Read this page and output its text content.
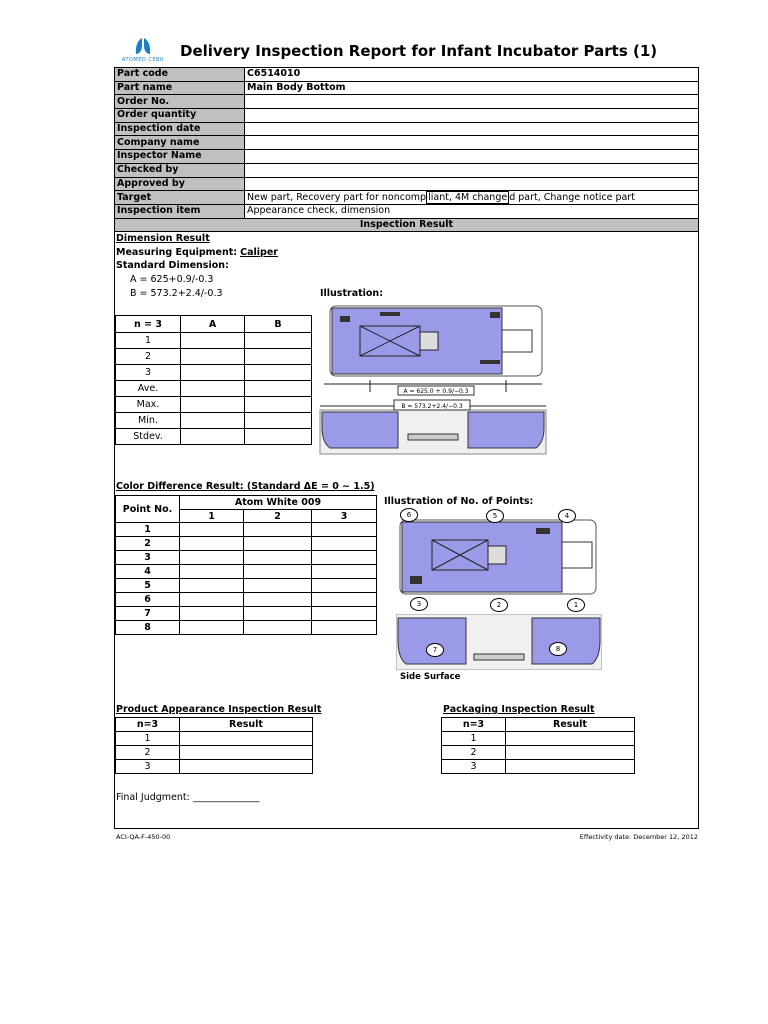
ATOMED CEBU	Delivery Inspection Report for Infant Incubator Parts (1)
Part code	C6514010
Part name	Main Body Bottom
Order No.	
Order quantity	
Inspection date	
Company name	
Inspector Name	
Checked by	
Approved by	
Target	New part, Recovery part for noncomp liant, 4M change d part, Change notice part
Inspection item	Appearance check, dimension
Inspection Result	
Dimension Result
Measuring Equipment: Caliper
Standard Dimension:
A = 625+0.9/-0.3
B = 573.2+2.4/-0.3	Illustration:
n = 3	A	B
1		
2		
3		
Ave.		
Max.		
Min.		
Stdev.		
A = 625.0 + 0.9/−0.3
B = 573.2+2.4/−0.3
Color Difference Result: (Standard ΔE = 0 ~ 1.5)
Point No.	Atom White 009		
	1	2	3
1			
2			
3			
4			
5			
6			
7			
8			
Illustration of No. of Points:
6	5	4
3	2	1
7	8
Side Surface
Product Appearance Inspection Result
n=3	Result
1	
2	
3	
Packaging Inspection Result
n=3	Result
1	
2	
3	
Final Judgment: ______________
ACI-QA-F-450-00	Effectivity date: December 12, 2012
